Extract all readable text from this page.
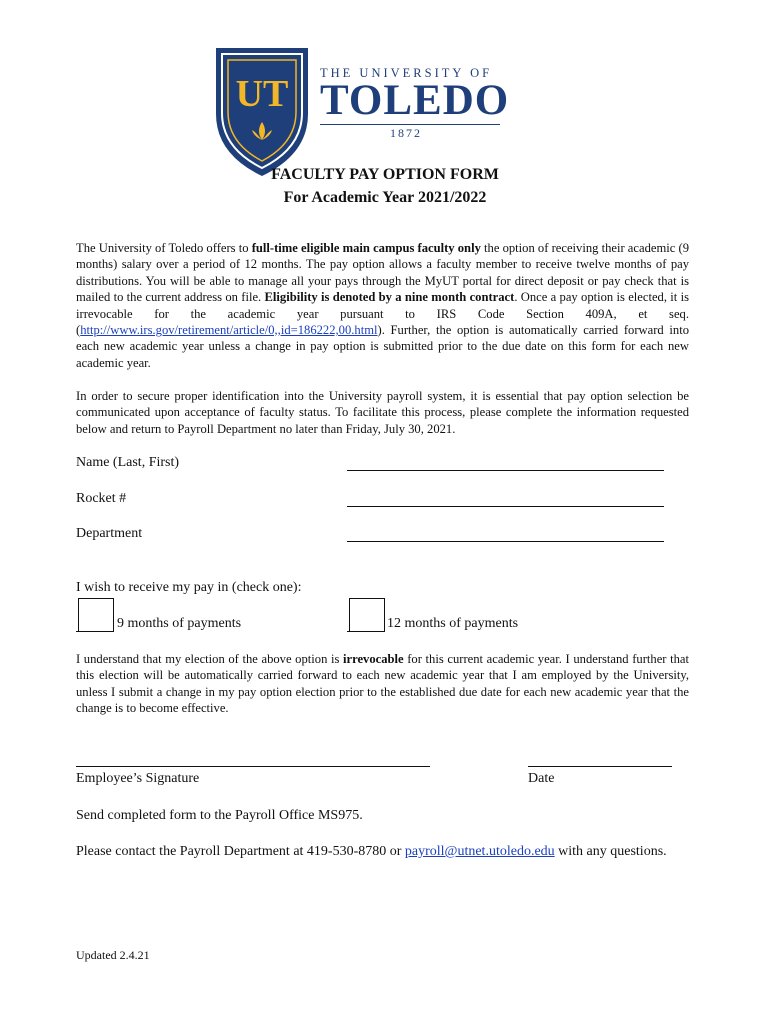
UT	THE UNIVERSITY OF
TOLEDO
1872
FACULTY PAY OPTION FORM
For Academic Year 2021/2022
The University of Toledo offers to full-time eligible main campus faculty only the option of receiving their academic (9 months) salary over a period of 12 months. The pay option allows a faculty member to receive twelve months of pay distributions. You will be able to manage all your pays through the MyUT portal for direct deposit or pay check that is mailed to the current address on file. Eligibility is denoted by a nine month contract. Once a pay option is elected, it is irrevocable for the academic year pursuant to IRS Code Section 409A, et seq. (http://www.irs.gov/retirement/article/0,,id=186222,00.html). Further, the option is automatically carried forward into each new academic year unless a change in pay option is submitted prior to the due date on this form for each new academic year.
In order to secure proper identification into the University payroll system, it is essential that pay option selection be communicated upon acceptance of faculty status. To facilitate this process, please complete the information requested below and return to Payroll Department no later than Friday, July 30, 2021.
Name (Last, First)
Rocket #
Department
I wish to receive my pay in (check one):
9 months of payments	12 months of payments
I understand that my election of the above option is irrevocable for this current academic year. I understand further that this election will be automatically carried forward to each new academic year that I am employed by the University, unless I submit a change in my pay option election prior to the established due date for each new academic year that the change is to become effective.
Employee’s Signature	Date
Send completed form to the Payroll Office MS975.
Please contact the Payroll Department at 419-530-8780 or payroll@utnet.utoledo.edu with any questions.
Updated 2.4.21
